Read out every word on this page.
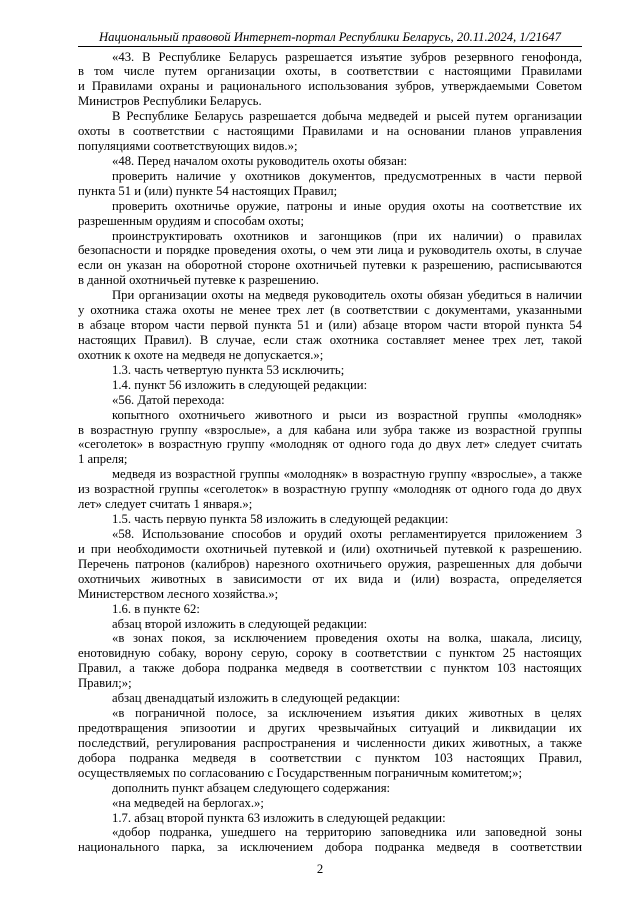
Национальный правовой Интернет-портал Республики Беларусь, 20.11.2024, 1/21647
«43. В Республике Беларусь разрешается изъятие зубров резервного генофонда,
в том числе путем организации охоты, в соответствии с настоящими Правилами
и Правилами охраны и рационального использования зубров, утверждаемыми Советом
Министров Республики Беларусь.
В Республике Беларусь разрешается добыча медведей и рысей путем организации
охоты в соответствии с настоящими Правилами и на основании планов управления
популяциями соответствующих видов.»;
«48. Перед началом охоты руководитель охоты обязан:
проверить наличие у охотников документов, предусмотренных в части первой
пункта 51 и (или) пункте 54 настоящих Правил;
проверить охотничье оружие, патроны и иные орудия охоты на соответствие их
разрешенным орудиям и способам охоты;
проинструктировать охотников и загонщиков (при их наличии) о правилах
безопасности и порядке проведения охоты, о чем эти лица и руководитель охоты, в случае
если он указан на оборотной стороне охотничьей путевки к разрешению, расписываются
в данной охотничьей путевке к разрешению.
При организации охоты на медведя руководитель охоты обязан убедиться в наличии
у охотника стажа охоты не менее трех лет (в соответствии с документами, указанными
в абзаце втором части первой пункта 51 и (или) абзаце втором части второй пункта 54
настоящих Правил). В случае, если стаж охотника составляет менее трех лет, такой
охотник к охоте на медведя не допускается.»;
1.3. часть четвертую пункта 53 исключить;
1.4. пункт 56 изложить в следующей редакции:
«56. Датой перехода:
копытного охотничьего животного и рыси из возрастной группы «молодняк»
в возрастную группу «взрослые», а для кабана или зубра также из возрастной группы
«сеголеток» в возрастную группу «молодняк от одного года до двух лет» следует считать
1 апреля;
медведя из возрастной группы «молодняк» в возрастную группу «взрослые», а также
из возрастной группы «сеголеток» в возрастную группу «молодняк от одного года до двух
лет» следует считать 1 января.»;
1.5. часть первую пункта 58 изложить в следующей редакции:
«58. Использование способов и орудий охоты регламентируется приложением 3
и при необходимости охотничьей путевкой и (или) охотничьей путевкой к разрешению.
Перечень патронов (калибров) нарезного охотничьего оружия, разрешенных для добычи
охотничьих животных в зависимости от их вида и (или) возраста, определяется
Министерством лесного хозяйства.»;
1.6. в пункте 62:
абзац второй изложить в следующей редакции:
«в зонах покоя, за исключением проведения охоты на волка, шакала, лисицу,
енотовидную собаку, ворону серую, сороку в соответствии с пунктом 25 настоящих
Правил, а также добора подранка медведя в соответствии с пунктом 103 настоящих
Правил;»;
абзац двенадцатый изложить в следующей редакции:
«в пограничной полосе, за исключением изъятия диких животных в целях
предотвращения эпизоотии и других чрезвычайных ситуаций и ликвидации их
последствий, регулирования распространения и численности диких животных, а также
добора подранка медведя в соответствии с пунктом 103 настоящих Правил,
осуществляемых по согласованию с Государственным пограничным комитетом;»;
дополнить пункт абзацем следующего содержания:
«на медведей на берлогах.»;
1.7. абзац второй пункта 63 изложить в следующей редакции:
«добор подранка, ушедшего на территорию заповедника или заповедной зоны
национального парка, за исключением добора подранка медведя в соответствии
2
